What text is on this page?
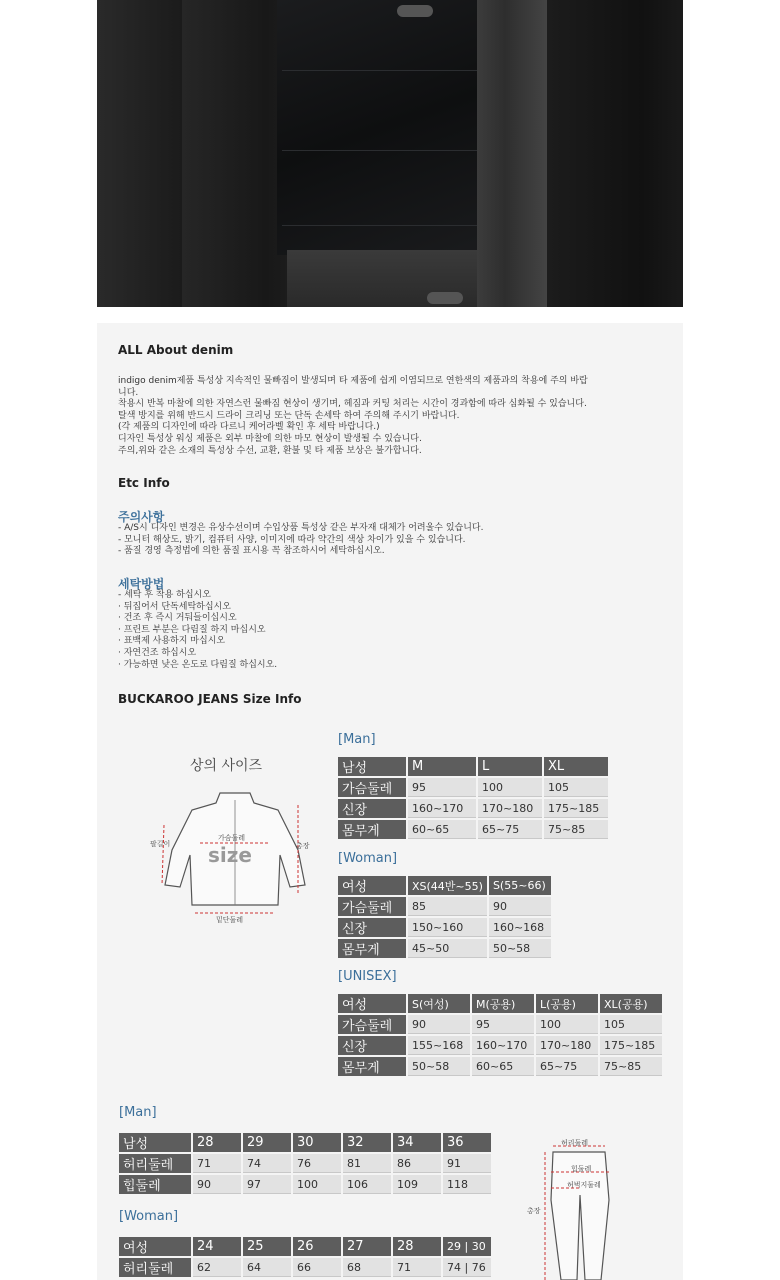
ALL About denim
indigo denim제품 특성상 지속적인 물빠짐이 발생되며 타 제품에 쉽게 이염되므로 연한색의 제품과의 착용에 주의 바랍
니다.
착용시 반복 마찰에 의한 자연스런 물빠짐 현상이 생기며, 헤짐과 커팅 처리는 시간이 경과함에 따라 심화될 수 있습니다.
탈색 방지를 위해 반드시 드라이 크리닝 또는 단독 손세탁 하여 주의해 주시기 바랍니다.
(각 제품의 디자인에 따라 다르니 케어라벨 확인 후 세탁 바랍니다.)
디자인 특성상 워싱 제품은 외부 마찰에 의한 마모 현상이 발생될 수 있습니다.
주의,위와 같은 소재의 특성상 수선, 교환, 환불 및 타 제품 보상은 불가합니다.
Etc Info
주의사항
- A/S시 디자인 변경은 유상수선이며 수입상품 특성상 같은 부자재 대체가 어려울수 있습니다.
- 모니터 해상도, 밝기, 컴퓨터 사양, 이미지에 따라 약간의 색상 차이가 있을 수 있습니다.
- 품질 경영 측정법에 의한 품질 표시용 꼭 참조하시어 세탁하십시오.
세탁방법
- 세탁 후 착용 하십시오
· 뒤집어서 단독세탁하십시오
· 건조 후 즉시 거둬들이십시오
· 프린트 부분은 다림질 하지 마십시오
· 표백제 사용하지 마십시오
· 자연건조 하십시오
· 가능하면 낮은 온도로 다림질 하십시오.
BUCKAROO JEANS Size Info
상의 사이즈
팔길이
가슴둘레
총장
밑단둘레
size
[Man]
남성	M	L	XL
가슴둘레	95	100	105
신장	160~170	170~180	175~185
몸무게	60~65	65~75	75~85
[Woman]
여성	XS(44반~55)	S(55~66)
가슴둘레	85	90
신장	150~160	160~168
몸무게	45~50	50~58
[UNISEX]
여성	S(여성)	M(공용)	L(공용)	XL(공용)
가슴둘레	90	95	100	105
신장	155~168	160~170	170~180	175~185
몸무게	50~58	60~65	65~75	75~85
[Man]
남성	28	29	30	32	34	36
허리둘레	71	74	76	81	86	91
힙둘레	90	97	100	106	109	118
[Woman]
여성	24	25	26	27	28	29 | 30
허리둘레	62	64	66	68	71	74 | 76
허리둘레
힙둘레
허벅지둘레
총장
